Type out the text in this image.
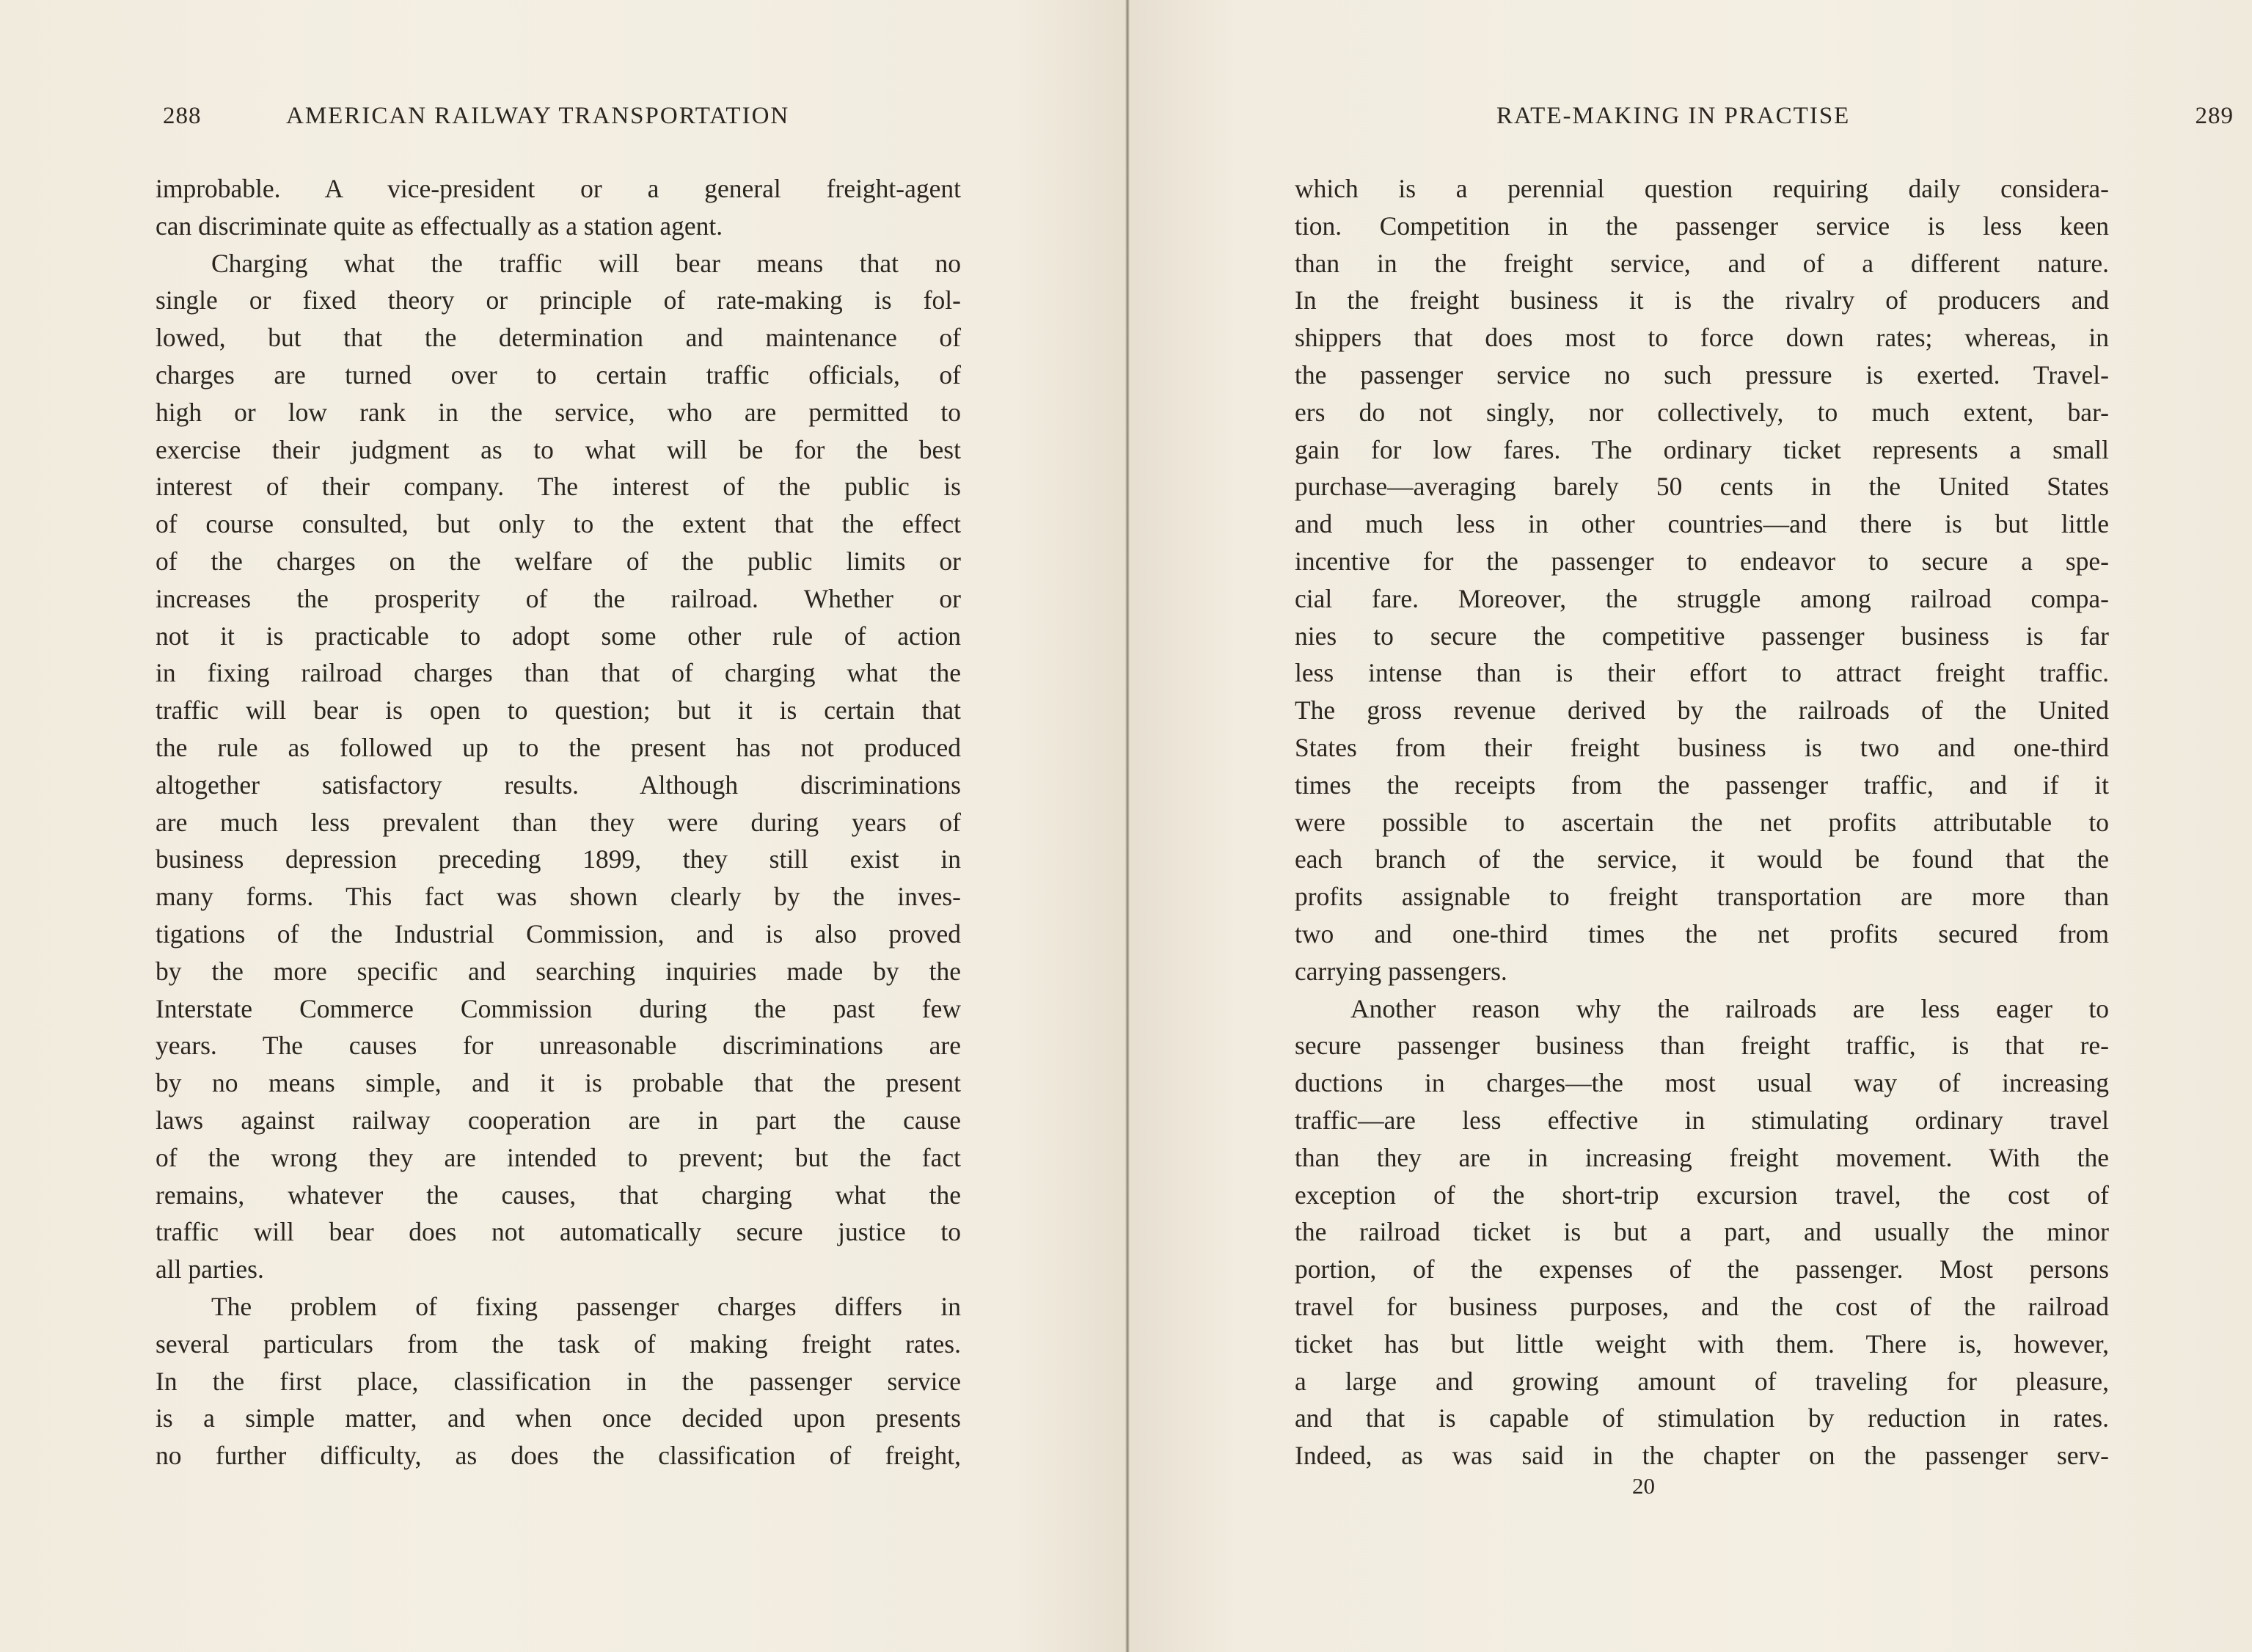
288	AMERICAN RAILWAY TRANSPORTATION
improbable. A vice-president or a general freight-agent
can discriminate quite as effectually as a station agent.
Charging what the traffic will bear means that no
single or fixed theory or principle of rate-making is fol-
lowed, but that the determination and maintenance of
charges are turned over to certain traffic officials, of
high or low rank in the service, who are permitted to
exercise their judgment as to what will be for the best
interest of their company. The interest of the public is
of course consulted, but only to the extent that the effect
of the charges on the welfare of the public limits or
increases the prosperity of the railroad. Whether or
not it is practicable to adopt some other rule of action
in fixing railroad charges than that of charging what the
traffic will bear is open to question; but it is certain that
the rule as followed up to the present has not produced
altogether satisfactory results. Although discriminations
are much less prevalent than they were during years of
business depression preceding 1899, they still exist in
many forms. This fact was shown clearly by the inves-
tigations of the Industrial Commission, and is also proved
by the more specific and searching inquiries made by the
Interstate Commerce Commission during the past few
years. The causes for unreasonable discriminations are
by no means simple, and it is probable that the present
laws against railway cooperation are in part the cause
of the wrong they are intended to prevent; but the fact
remains, whatever the causes, that charging what the
traffic will bear does not automatically secure justice to
all parties.
The problem of fixing passenger charges differs in
several particulars from the task of making freight rates.
In the first place, classification in the passenger service
is a simple matter, and when once decided upon presents
no further difficulty, as does the classification of freight,
RATE-MAKING IN PRACTISE	289
which is a perennial question requiring daily considera-
tion. Competition in the passenger service is less keen
than in the freight service, and of a different nature.
In the freight business it is the rivalry of producers and
shippers that does most to force down rates; whereas, in
the passenger service no such pressure is exerted. Travel-
ers do not singly, nor collectively, to much extent, bar-
gain for low fares. The ordinary ticket represents a small
purchase—averaging barely 50 cents in the United States
and much less in other countries—and there is but little
incentive for the passenger to endeavor to secure a spe-
cial fare. Moreover, the struggle among railroad compa-
nies to secure the competitive passenger business is far
less intense than is their effort to attract freight traffic.
The gross revenue derived by the railroads of the United
States from their freight business is two and one-third
times the receipts from the passenger traffic, and if it
were possible to ascertain the net profits attributable to
each branch of the service, it would be found that the
profits assignable to freight transportation are more than
two and one-third times the net profits secured from
carrying passengers.
Another reason why the railroads are less eager to
secure passenger business than freight traffic, is that re-
ductions in charges—the most usual way of increasing
traffic—are less effective in stimulating ordinary travel
than they are in increasing freight movement. With the
exception of the short-trip excursion travel, the cost of
the railroad ticket is but a part, and usually the minor
portion, of the expenses of the passenger. Most persons
travel for business purposes, and the cost of the railroad
ticket has but little weight with them. There is, however,
a large and growing amount of traveling for pleasure,
and that is capable of stimulation by reduction in rates.
Indeed, as was said in the chapter on the passenger serv-
20
